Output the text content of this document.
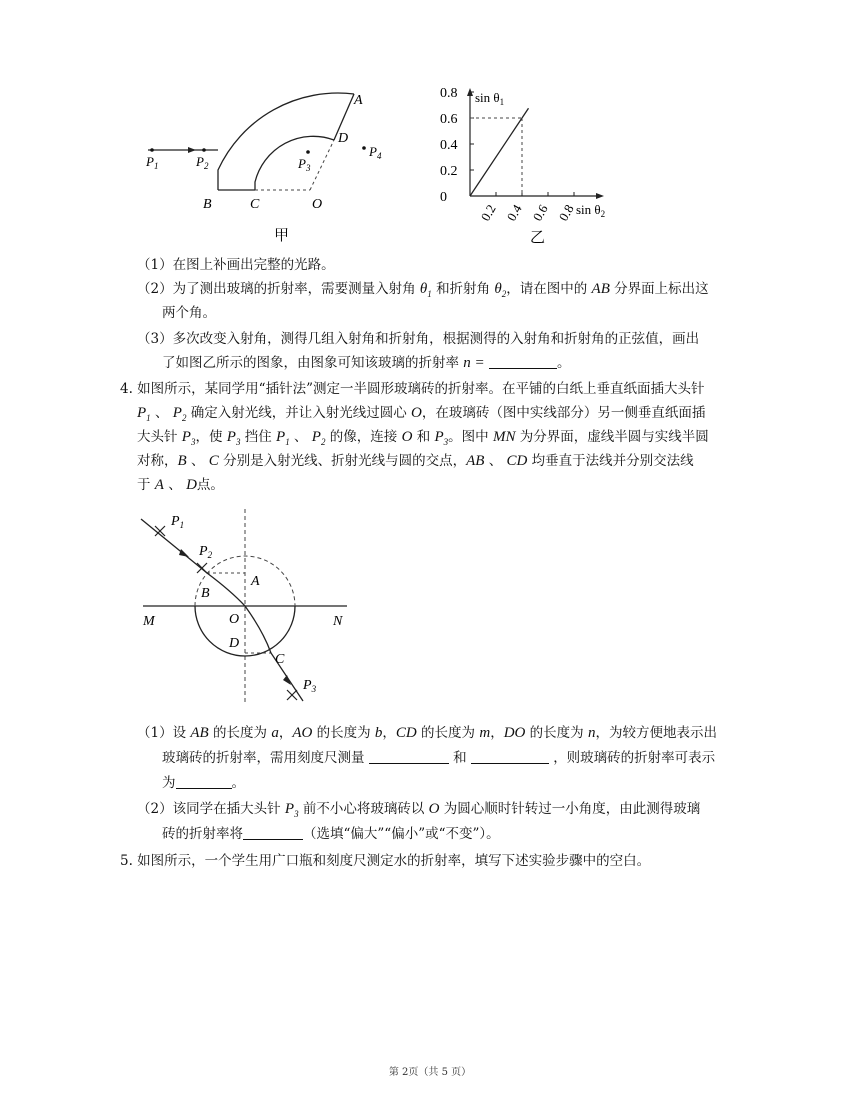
$P_1$	$P_2$	$P_3$
$P_4$
A
D
B	C	O
甲
$\sin \theta_1$
$\sin \theta_2$
0.8
0.6
0.4
0.2
0
0.2 0.4 0.6 0.8
乙
（1）在图上补画出完整的光路。
（2）为了测出玻璃的折射率，需要测量入射角 $\theta_1$ 和折射角 $\theta_2$，请在图中的 AB 分界面上标出这
两个角。
（3）多次改变入射角，测得几组入射角和折射角，根据测得的入射角和折射角的正弦值，画出
了如图乙所示的图象，由图象可知该玻璃的折射率 n =	。
4. 如图所示，某同学用“插针法”测定一半圆形玻璃砖的折射率。在平铺的白纸上垂直纸面插大头针
$P_1$ 、 $P_2$ 确定入射光线，并让入射光线过圆心 O，在玻璃砖（图中实线部分）另一侧垂直纸面插
大头针 $P_3$，使 $P_3$ 挡住 $P_1$ 、 $P_2$ 的像，连接 O 和 $P_3$。图中 MN 为分界面，虚线半圆与实线半圆
对称，B 、 C 分别是入射光线、折射光线与圆的交点，AB 、 CD 均垂直于法线并分别交法线
于 A 、 D点。
$P_1$
$P_2$
$P_3$
A
B
O
D
C
M	N
（1）设 AB 的长度为 a，AO 的长度为 b，CD 的长度为 m，DO 的长度为 n，为较方便地表示出
玻璃砖的折射率，需用刻度尺测量	和	，则玻璃砖的折射率可表示
为	。
（2）该同学在插大头针 $P_3$ 前不小心将玻璃砖以 O 为圆心顺时针转过一小角度，由此测得玻璃
砖的折射率将	（选填“偏大”“偏小”或“不变”）。
5. 如图所示，一个学生用广口瓶和刻度尺测定水的折射率，填写下述实验步骤中的空白。
第 2页（共 5 页）
